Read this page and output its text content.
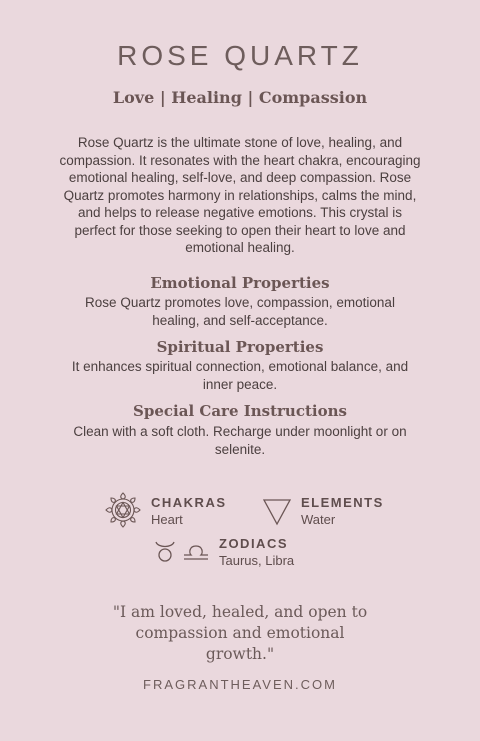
ROSE QUARTZ
Love | Healing | Compassion
Rose Quartz is the ultimate stone of love, healing, and compassion. It resonates with the heart chakra, encouraging emotional healing, self-love, and deep compassion. Rose Quartz promotes harmony in relationships, calms the mind, and helps to release negative emotions. This crystal is perfect for those seeking to open their heart to love and emotional healing.
Emotional Properties
Rose Quartz promotes love, compassion, emotional healing, and self-acceptance.
Spiritual Properties
It enhances spiritual connection, emotional balance, and inner peace.
Special Care Instructions
Clean with a soft cloth. Recharge under moonlight or on selenite.
CHAKRAS
Heart
ELEMENTS
Water
ZODIACS
Taurus, Libra
"I am loved, healed, and open to compassion and emotional growth."
FRAGRANTHEAVEN.COM
